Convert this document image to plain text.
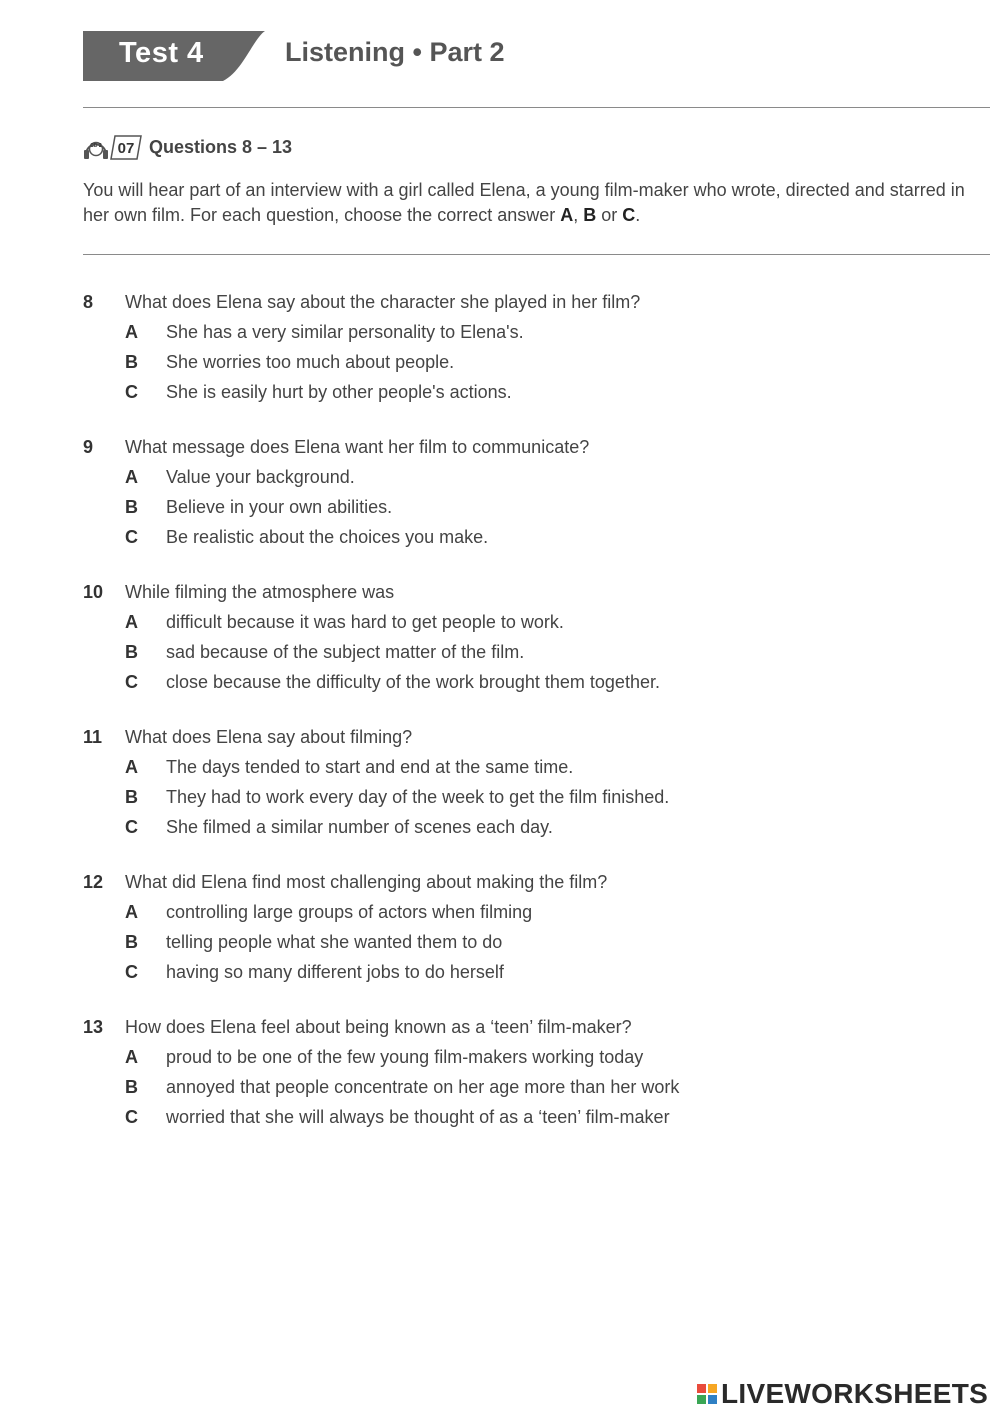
Test 4	Listening • Part 2
CD 2 07 Questions 8 – 13
You will hear part of an interview with a girl called Elena, a young film-maker who wrote, directed and starred in her own film. For each question, choose the correct answer A, B or C.
8	What does Elena say about the character she played in her film?
A	She has a very similar personality to Elena's.
B	She worries too much about people.
C	She is easily hurt by other people's actions.
9	What message does Elena want her film to communicate?
A	Value your background.
B	Believe in your own abilities.
C	Be realistic about the choices you make.
10	While filming the atmosphere was
A	difficult because it was hard to get people to work.
B	sad because of the subject matter of the film.
C	close because the difficulty of the work brought them together.
11	What does Elena say about filming?
A	The days tended to start and end at the same time.
B	They had to work every day of the week to get the film finished.
C	She filmed a similar number of scenes each day.
12	What did Elena find most challenging about making the film?
A	controlling large groups of actors when filming
B	telling people what she wanted them to do
C	having so many different jobs to do herself
13	How does Elena feel about being known as a ‘teen’ film-maker?
A	proud to be one of the few young film-makers working today
B	annoyed that people concentrate on her age more than her work
C	worried that she will always be thought of as a ‘teen’ film-maker
LIVEWORKSHEETS
